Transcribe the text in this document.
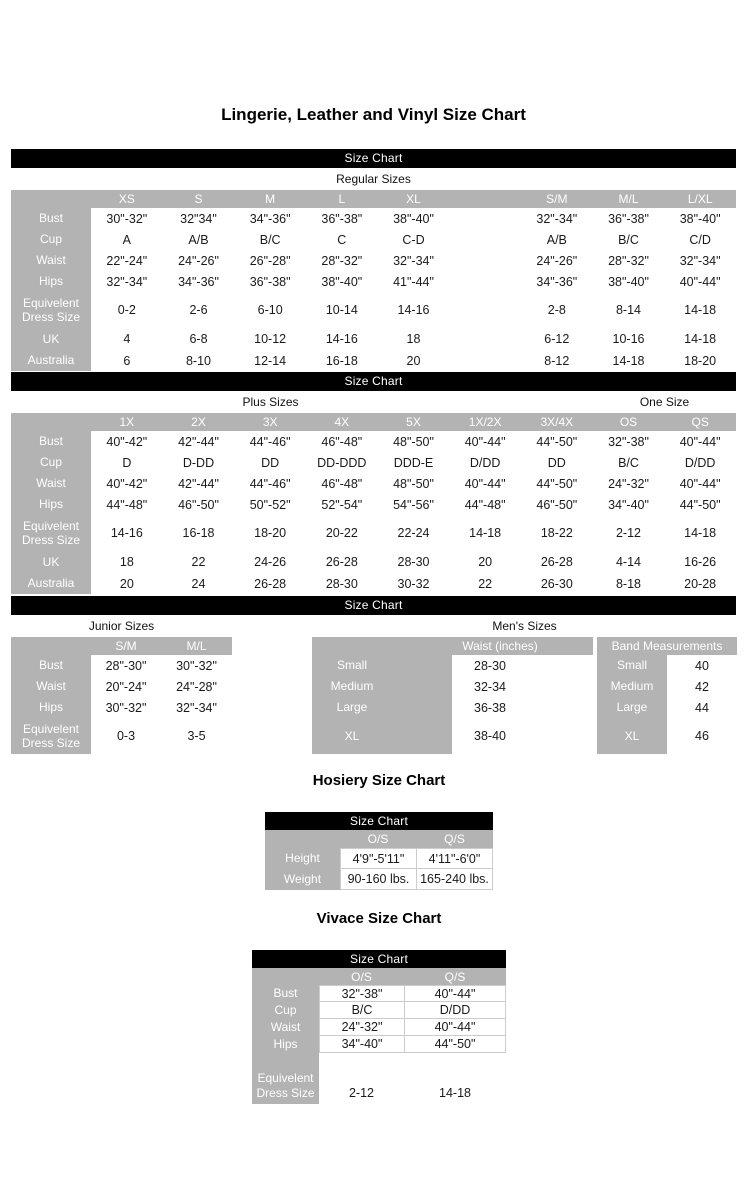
Lingerie, Leather and Vinyl Size Chart
Size Chart
Regular Sizes
XS	S	M	L	XL	S/M	M/L	L/XL
Bust	30"-32"	32"34"	34"-36"	36"-38"	38"-40"	32"-34"	36"-38"	38"-40"
Cup	A	A/B	B/C	C	C-D	A/B	B/C	C/D
Waist	22"-24"	24"-26"	26"-28"	28"-32"	32"-34"	24"-26"	28"-32"	32"-34"
Hips	32"-34"	34"-36"	36"-38"	38"-40"	41"-44"	34"-36"	38"-40"	40"-44"
Equivelent Dress Size	0-2	2-6	6-10	10-14	14-16	2-8	8-14	14-18
UK	4	6-8	10-12	14-16	18	6-12	10-16	14-18
Australia	6	8-10	12-14	16-18	20	8-12	14-18	18-20
Size Chart
Plus Sizes	One Size
1X	2X	3X	4X	5X	1X/2X	3X/4X	OS	QS
Bust	40"-42"	42"-44"	44"-46"	46"-48"	48"-50"	40"-44"	44"-50"	32"-38"	40"-44"
Cup	D	D-DD	DD	DD-DDD	DDD-E	D/DD	DD	B/C	D/DD
Waist	40"-42"	42"-44"	44"-46"	46"-48"	48"-50"	40"-44"	44"-50"	24"-32"	40"-44"
Hips	44"-48"	46"-50"	50"-52"	52"-54"	54"-56"	44"-48"	46"-50"	34"-40"	44"-50"
Equivelent Dress Size	14-16	16-18	18-20	20-22	22-24	14-18	18-22	2-12	14-18
UK	18	22	24-26	26-28	28-30	20	26-28	4-14	16-26
Australia	20	24	26-28	28-30	30-32	22	26-30	8-18	20-28
Size Chart
Junior Sizes	Men's Sizes
S/M	M/L
Bust	28"-30"	30"-32"
Waist	20"-24"	24"-28"
Hips	30"-32"	32"-34"
Equivelent Dress Size	0-3	3-5
Waist (inches)	Band Measurements
Small	28-30	Small	40
Medium	32-34	Medium	42
Large	36-38	Large	44
XL	38-40	XL	46
Hosiery Size Chart
Size Chart
O/S	Q/S
Height	4'9"-5'11"	4'11"-6'0"
Weight	90-160 lbs. 165-240 lbs.
Vivace Size Chart
Size Chart
O/S	Q/S
Bust	32"-38"	40"-44"
Cup	B/C	D/DD
Waist	24"-32"	40"-44"
Hips	34"-40"	44"-50"
Equivelent Dress Size	2-12	14-18
